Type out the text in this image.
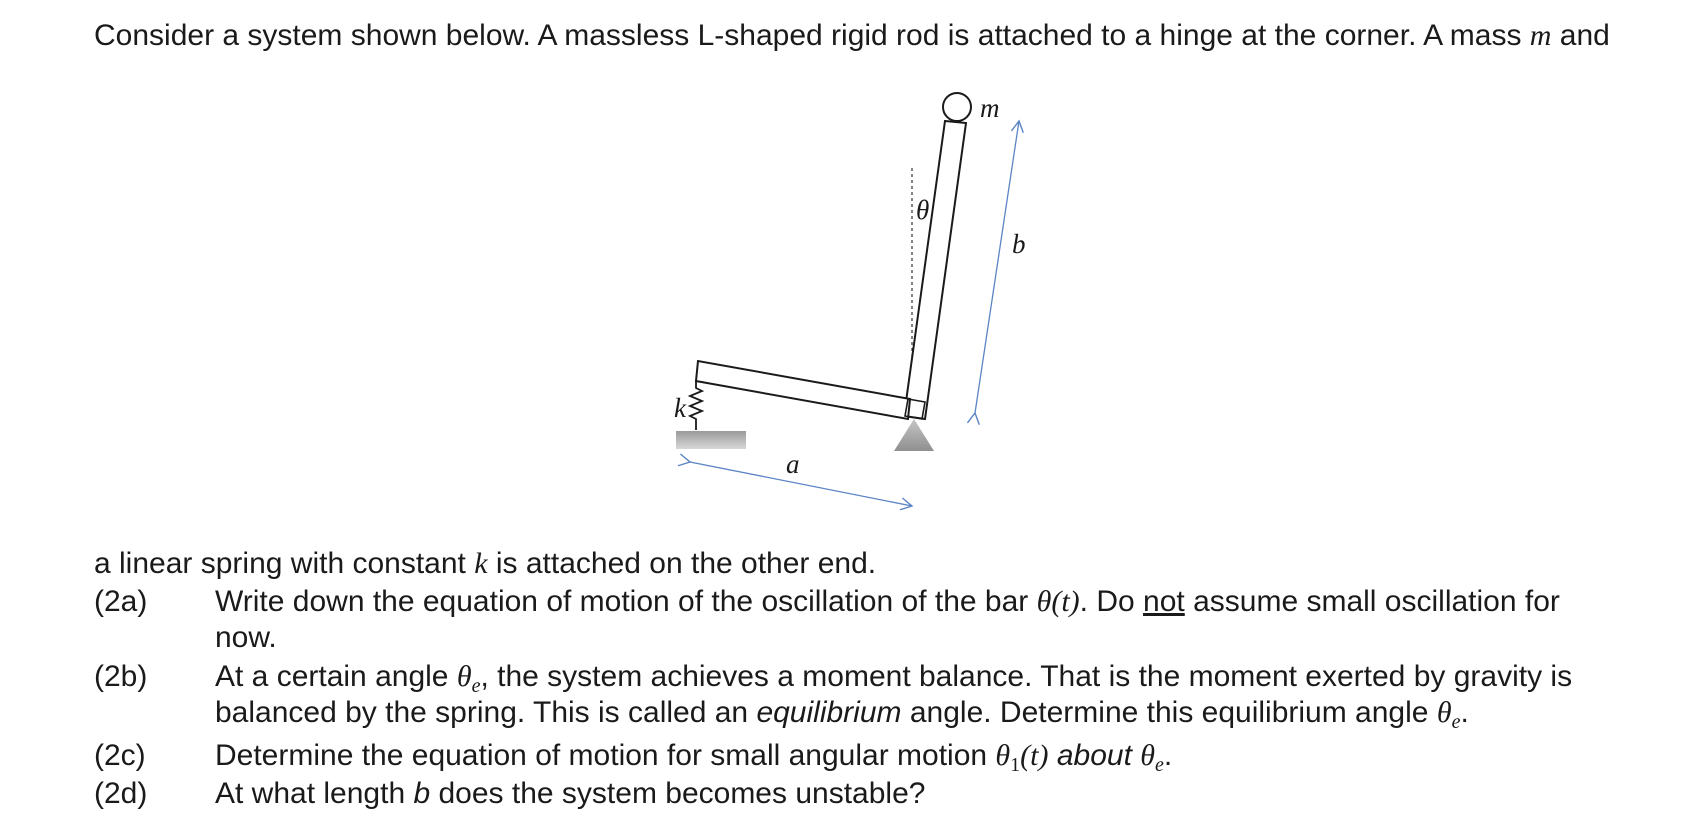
Consider a system shown below. A massless L-shaped rigid rod is attached to a hinge at the corner. A mass m and
m
θ
b
a
k
a linear spring with constant k is attached on the other end.
(2a) Write down the equation of motion of the oscillation of the bar θ(t). Do not assume small oscillation for
now.
(2b) At a certain angle $\theta_e$, the system achieves a moment balance. That is the moment exerted by gravity is
balanced by the spring. This is called an equilibrium angle. Determine this equilibrium angle $\theta_e$.
(2c) Determine the equation of motion for small angular motion $\theta_1(t)$ about $\theta_e$.
(2d) At what length b does the system becomes unstable?
